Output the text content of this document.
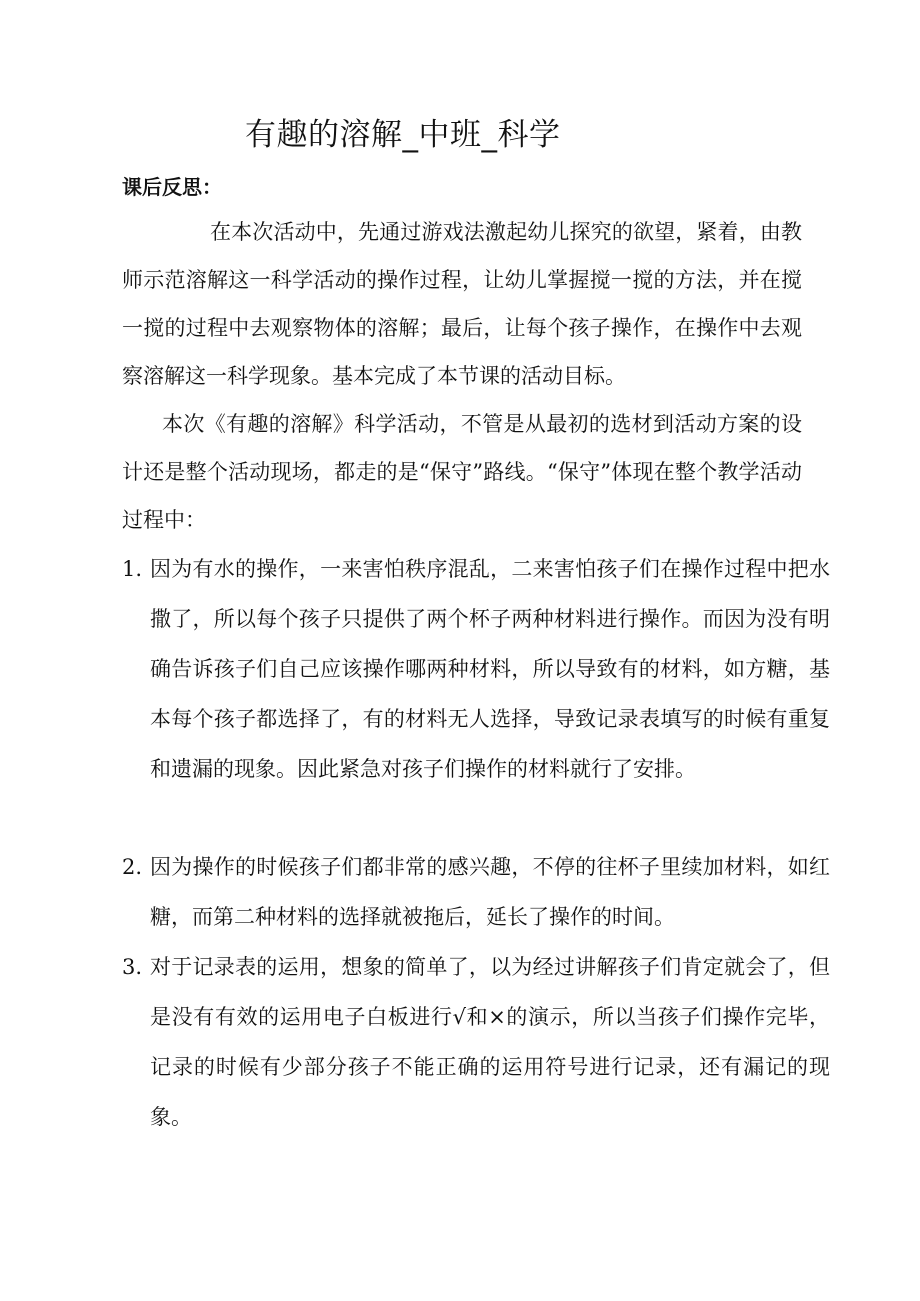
有趣的溶解_中班_科学
课后反思：

在本次活动中，先通过游戏法激起幼儿探究的欲望，紧着，由教师示范溶解这一科学活动的操作过程，让幼儿掌握搅一搅的方法，并在搅一搅的过程中去观察物体的溶解；最后，让每个孩子操作，在操作中去观察溶解这一科学现象。基本完成了本节课的活动目标。

本次《有趣的溶解》科学活动，不管是从最初的选材到活动方案的设计还是整个活动现场，都走的是“保守”路线。“保守”体现在整个教学活动过程中：

1. 因为有水的操作，一来害怕秩序混乱，二来害怕孩子们在操作过程中把水撒了，所以每个孩子只提供了两个杯子两种材料进行操作。而因为没有明确告诉孩子们自己应该操作哪两种材料，所以导致有的材料，如方糖，基本每个孩子都选择了，有的材料无人选择，导致记录表填写的时候有重复和遗漏的现象。因此紧急对孩子们操作的材料就行了安排。
2. 因为操作的时候孩子们都非常的感兴趣，不停的往杯子里续加材料，如红糖，而第二种材料的选择就被拖后，延长了操作的时间。
3. 对于记录表的运用，想象的简单了，以为经过讲解孩子们肯定就会了，但是没有有效的运用电子白板进行√和×的演示，所以当孩子们操作完毕，记录的时候有少部分孩子不能正确的运用符号进行记录，还有漏记的现象。
